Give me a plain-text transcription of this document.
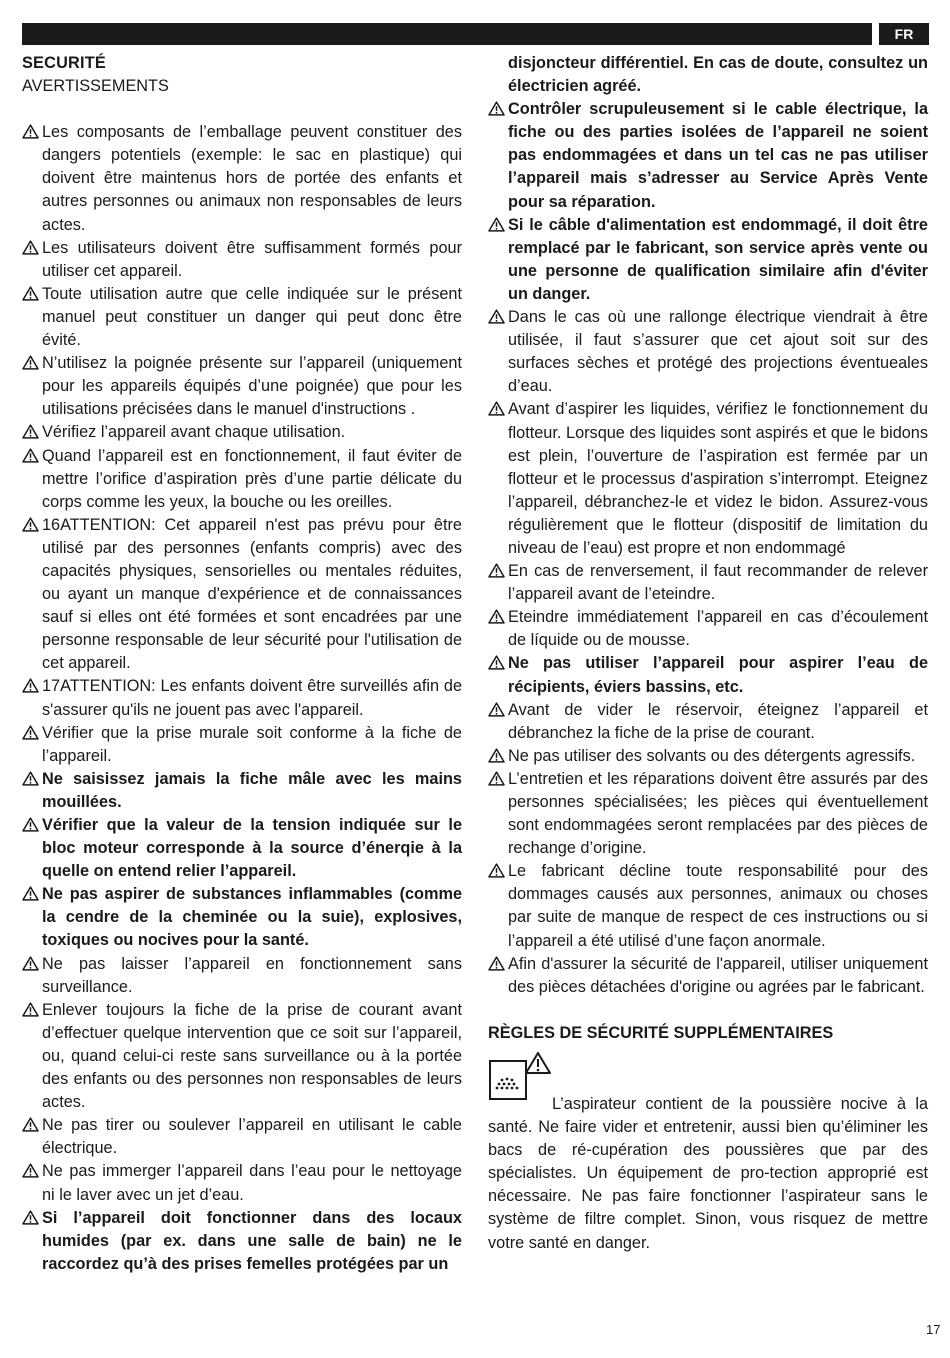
FR
SECURITÉ
AVERTISSEMENTS
Les composants de l’emballage peuvent constituer des dangers potentiels (exemple: le sac en plastique) qui doivent être maintenus hors de portée des enfants et autres personnes ou animaux non responsables de leurs actes.
Les utilisateurs doivent être suffisamment formés pour utiliser cet appareil.
Toute utilisation autre que celle indiquée sur le présent manuel peut constituer un danger qui peut donc être évité.
N’utilisez la poignée présente sur l’appareil (uniquement pour les appareils équipés d’une poignée) que pour les utilisations précisées dans le manuel d'instructions .
Vérifiez l’appareil avant chaque utilisation.
Quand l’appareil est en fonctionnement, il faut éviter de mettre l’orifice d’aspiration près d’une partie délicate du corps comme les yeux, la bouche ou les oreilles.
16ATTENTION: Cet appareil n'est pas prévu pour être utilisé par des personnes (enfants compris) avec des capacités physiques, sensorielles ou mentales réduites, ou ayant un manque d'expérience et de connaissances sauf si elles ont été formées et sont encadrées par une personne responsable de leur sécurité pour l'utilisation de cet appareil.
17ATTENTION: Les enfants doivent être surveillés afin de s'assurer qu'ils ne jouent pas avec l'appareil.
Vérifier que la prise murale soit conforme à la fiche de l’appareil.
Ne saisissez jamais la fiche mâle avec les mains mouillées.
Vérifier que la valeur de la tension indiquée sur le bloc moteur corresponde à la source d’énerqie à la quelle on entend relier l’appareil.
Ne pas aspirer de substances inflammables (comme la cendre de la cheminée ou la suie), explosives, toxiques ou nocives pour la santé.
Ne pas laisser l’appareil en fonctionnement sans surveillance.
Enlever toujours la fiche de la prise de courant avant d’effectuer quelque intervention que ce soit sur l’appareil, ou, quand celui-ci reste sans surveillance ou à la portée des enfants ou des personnes non responsables de leurs actes.
Ne pas tirer ou soulever l’appareil en utilisant le cable électrique.
Ne pas immerger l’appareil dans l’eau pour le nettoyage ni le laver avec un jet d’eau.
Si l’appareil doit fonctionner dans des locaux humides (par ex. dans une salle de bain) ne le raccordez qu’à des prises femelles protégées par un
disjoncteur différentiel. En cas de doute, consultez un électricien agréé.
Contrôler scrupuleusement si le cable électrique, la fiche ou des parties isolées de l’appareil ne soient pas endommagées et dans un tel cas ne pas utiliser l’appareil mais s’adresser au Service Après Vente pour sa réparation.
Si le câble d'alimentation est endommagé, il doit être remplacé par le fabricant, son service après vente ou une personne de qualification similaire afin d'éviter un danger.
Dans le cas où une rallonge électrique viendrait à être utilisée, il faut s’assurer que cet ajout soit sur des surfaces sèches et protégé des projections éventueales d’eau.
Avant d’aspirer les liquides, vérifiez le fonctionnement du flotteur. Lorsque des liquides sont aspirés et que le bidons est plein, l’ouverture de l’aspiration est fermée par un flotteur et le processus d'aspiration s’interrompt. Eteignez l’appareil, débranchez-le et videz le bidon. Assurez-vous régulièrement que le flotteur (dispositif de limitation du niveau de l’eau) est propre et non endommagé
En cas de renversement, il faut recommander de relever l’appareil avant de l’eteindre.
Eteindre immédiatement l’appareil en cas d’écoulement de líquide ou de mousse.
Ne pas utiliser l’appareil pour aspirer l’eau de récipients, éviers bassins, etc.
Avant de vider le réservoir, éteignez l’appareil et débranchez la fiche de la prise de courant.
Ne pas utiliser des solvants ou des détergents agressifs.
L’entretien et les réparations doivent être assurés par des personnes spécialisées; les pièces qui éventuellement sont endommagées seront remplacées par des pièces de rechange d’origine.
Le fabricant décline toute responsabilité pour des dommages causés aux personnes, animaux ou choses par suite de manque de respect de ces instructions ou si l’appareil a été utilisé d’une façon anormale.
Afin d'assurer la sécurité de l'appareil, utiliser uniquement des pièces détachées d'origine ou agrées par le fabricant.
RÈGLES DE SÉCURITÉ SUPPLÉMENTAIRES
L’aspirateur contient de la poussière nocive à la santé. Ne faire vider et entretenir, aussi bien qu’éliminer les bacs de ré-cupération des poussières que par des spécialistes. Un équipement de pro-tection approprié est nécessaire. Ne pas faire fonctionner l’aspirateur sans le système de filtre complet. Sinon, vous risquez de mettre votre santé en danger.
17
